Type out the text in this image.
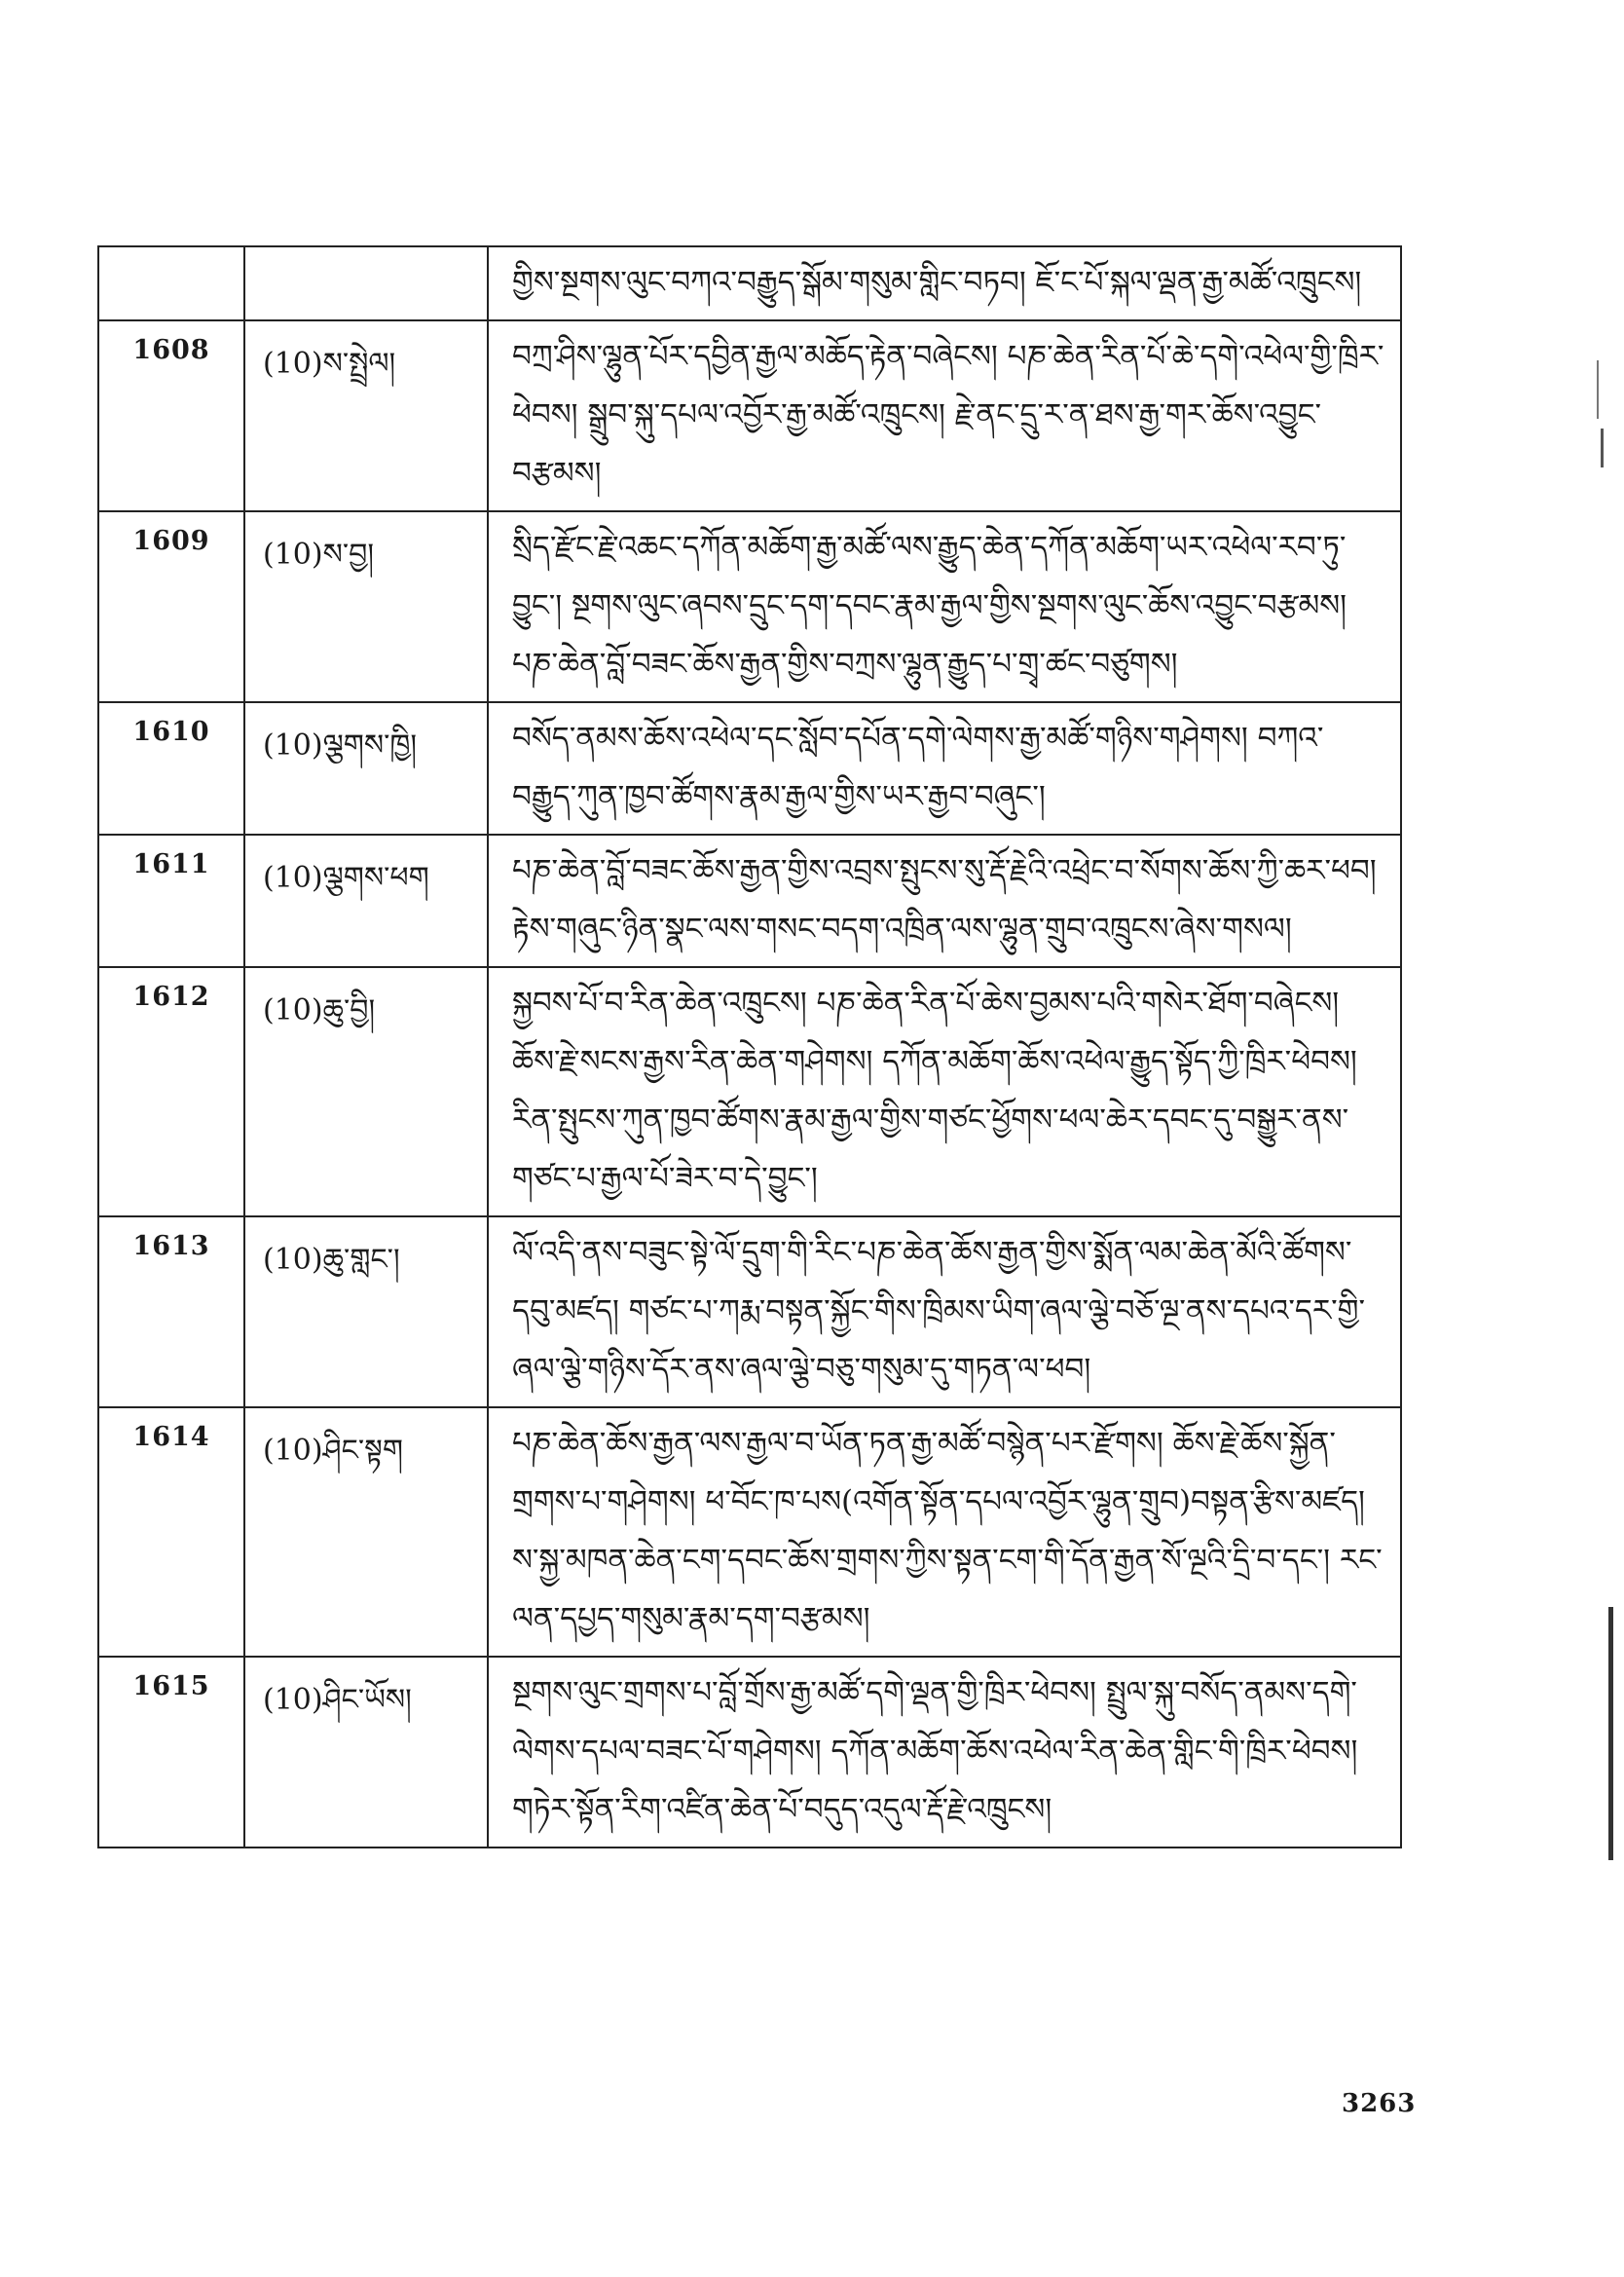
		གྱིས་སྔགས་ལུང་བཀའ་བརྒྱུད་སྒོམ་གསུམ་གླིང་བཏབ། ཇོ་ང་པོ་སྐལ་ལྡན་རྒྱ་མཚོ་འཁྲུངས།
1608	(10)ས་སྤྲེལ།	བཀྲ་ཤིས་ལྷུན་པོར་དབྱིན་རྒྱལ་མཆོད་རྟེན་བཞེངས། པཎ་ཆེན་རིན་པོ་ཆེ་དགེ་འཕེལ་གྱི་ཁྲིར་ཕེབས། སྒྲུབ་སྐུ་དཔལ་འབྱོར་རྒྱ་མཚོ་འཁྲུངས། རྗེ་ནང་དྲུ་ར་ན་ཐས་རྒྱ་གར་ཆོས་འབྱུང་བརྩམས།
1609	(10)ས་བྱ།	སྲིད་རྫོང་རྗེ་འཆང་དཀོན་མཆོག་རྒྱ་མཚོ་ལས་རྒྱུད་ཆེན་དཀོན་མཆོག་ཡར་འཕེལ་རབ་ཏུ་བྱུང་། སྔགས་ལུང་ཞབས་དྲུང་དག་དབང་རྣམ་རྒྱལ་གྱིས་སྔགས་ལུང་ཆོས་འབྱུང་བརྩམས། པཎ་ཆེན་བློ་བཟང་ཆོས་རྒྱན་གྱིས་བཀྲས་ལྷུན་རྒྱུད་པ་གྲྭ་ཚང་བཙུགས།
1610	(10)ལྕགས་ཁྱི།	བསོད་ནམས་ཆོས་འཕེལ་དང་སློབ་དཔོན་དགེ་ལེགས་རྒྱ་མཚོ་གཉིས་གཤེགས། བཀའ་བརྒྱུད་ཀུན་ཁྱབ་ཚོགས་རྣམ་རྒྱལ་གྱིས་ཡར་རྒྱབ་བཞུང་།
1611	(10)ལྕགས་ཕག	པཎ་ཆེན་བློ་བཟང་ཆོས་རྒྱན་གྱིས་འབྲས་སྤུངས་སུ་རྡོ་རྗེའི་འཕྲེང་བ་སོགས་ཆོས་ཀྱི་ཆར་ཕབ། རྟེས་གཞུང་ཉིན་སྣང་ལས་གསང་བདག་འཁྲིན་ལས་ལྷུན་གྲུབ་འཁྲུངས་ཞེས་གསལ།
1612	(10)ཆུ་བྱི།	སྐྱབས་པོ་བ་རིན་ཆེན་འཁྲུངས། པཎ་ཆེན་རིན་པོ་ཆེས་བྱམས་པའི་གསེར་ཐོག་བཞེངས། ཆོས་རྗེ་སངས་རྒྱས་རིན་ཆེན་གཤེགས། དཀོན་མཆོག་ཆོས་འཕེལ་རྒྱུད་སྟོད་ཀྱི་ཁྲིར་ཕེབས། རིན་སྤུངས་ཀུན་ཁྱབ་ཚོགས་རྣམ་རྒྱལ་གྱིས་གཙང་ཕྱོགས་ཕལ་ཆེར་དབང་དུ་བསྒྱུར་ནས་གཙང་པ་རྒྱལ་པོ་ཟེར་བ་དེ་བྱུང་།
1613	(10)ཆུ་གླང་།	ལོ་འདི་ནས་བཟུང་སྟེ་ལོ་དྲུག་གི་རིང་པཎ་ཆེན་ཆོས་རྒྱན་གྱིས་སྨོན་ལམ་ཆེན་མོའི་ཚོགས་དབུ་མཛད། གཙང་པ་ཀརྨ་བསྟན་སྐྱོང་གིས་ཁྲིམས་ཡིག་ཞལ་ལྕེ་བཅོ་ལྔ་ནས་དཔའ་དར་གྱི་ཞལ་ལྕེ་གཉིས་དོར་ནས་ཞལ་ལྕེ་བཅུ་གསུམ་དུ་གཏན་ལ་ཕབ།
1614	(10)ཤིང་སྟག	པཎ་ཆེན་ཆོས་རྒྱན་ལས་རྒྱལ་བ་ཡོན་ཏན་རྒྱ་མཚོ་བསྙེན་པར་རྫོགས། ཆོས་རྗེ་ཆོས་སྐྱོན་གྲགས་པ་གཤེགས། ཕ་བོང་ཁ་པས(འགོན་སྟོན་དཔལ་འབྱོར་ལྷུན་གྲུབ)བསྟན་རྩིས་མཛད། ས་སྐྱ་མཁན་ཆེན་ངག་དབང་ཆོས་གྲགས་ཀྱིས་སྟན་ངག་གི་དོན་རྒྱན་སོ་ལྔའི་དྲི་བ་དང་། རང་ལན་དཔྱད་གསུམ་རྣམ་དག་བརྩམས།
1615	(10)ཤིང་ཡོས།	སྔགས་ལུང་གྲགས་པ་བློ་གྲོས་རྒྱ་མཚོ་དགེ་ལྡན་གྱི་ཁྲིར་ཕེབས། སྤྲུལ་སྐུ་བསོད་ནམས་དགེ་ལེགས་དཔལ་བཟང་པོ་གཤེགས། དཀོན་མཆོག་ཆོས་འཕེལ་རིན་ཆེན་གླིང་གི་ཁྲིར་ཕེབས། གཏེར་སྟོན་རིག་འཛིན་ཆེན་པོ་བདུད་འདུལ་རྡོ་རྗེ་འཁྲུངས།
3263
